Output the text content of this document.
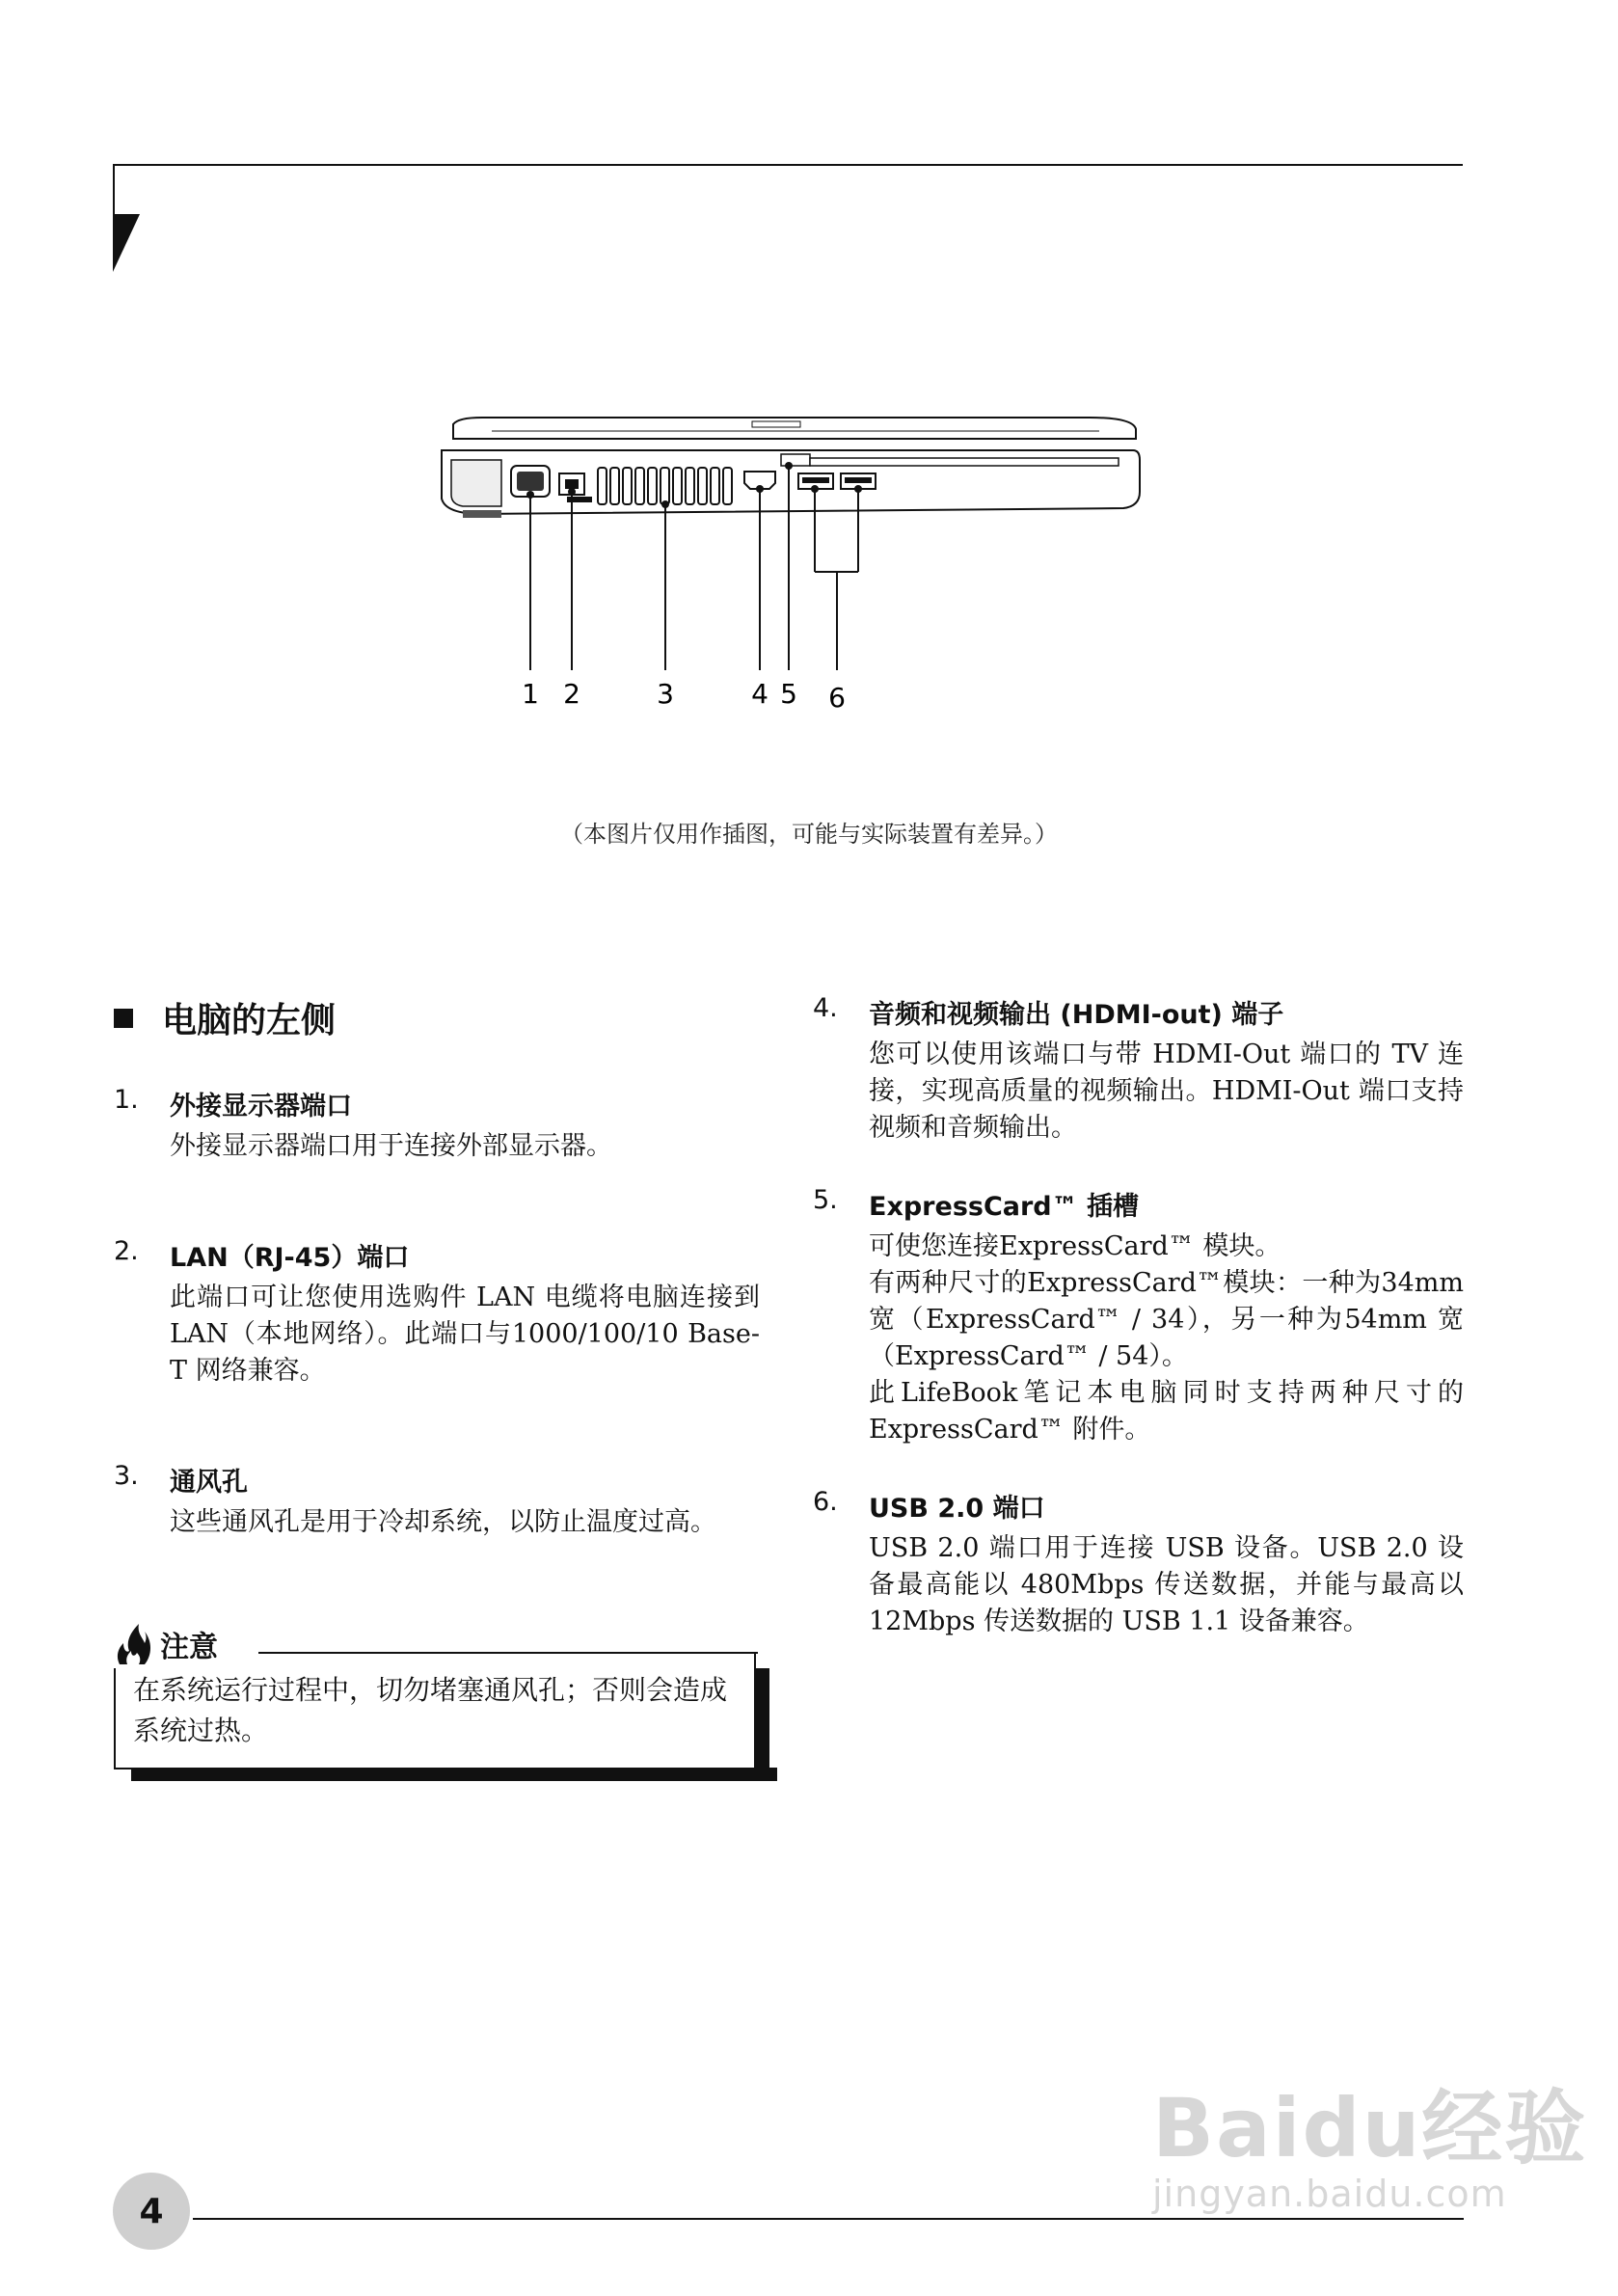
1 2	3	4 5 6
（本图片仅用作插图，可能与实际装置有差异。）
电脑的左侧
1.	外接显示器端口

外接显示器端口用于连接外部显示器。

2.	LAN（RJ-45）端口

此端口可让您使用选购件 LAN 电缆将电脑连接到 LAN（本地网络）。此端口与1000/100/10 Base-T 网络兼容。

3.	通风孔

这些通风孔是用于冷却系统，以防止温度过高。

注意
在系统运行过程中，切勿堵塞通风孔；否则会造成系统过热。
4.	音频和视频输出 (HDMI-out) 端子

您可以使用该端口与带 HDMI-Out 端口的 TV 连接，实现高质量的视频输出。HDMI-Out 端口支持视频和音频输出。

5.	ExpressCard™ 插槽

可使您连接ExpressCard™ 模块。

有两种尺寸的ExpressCard™模块：一种为34mm 宽（ExpressCard™ / 34），另一种为54mm 宽（ExpressCard™ / 54）。

此LifeBook笔记本电脑同时支持两种尺寸的ExpressCard™ 附件。

6.	USB 2.0 端口

USB 2.0 端口用于连接 USB 设备。USB 2.0 设备最高能以 480Mbps 传送数据，并能与最高以 12Mbps 传送数据的 USB 1.1 设备兼容。

Baidu经验
jingyan.baidu.com
4
